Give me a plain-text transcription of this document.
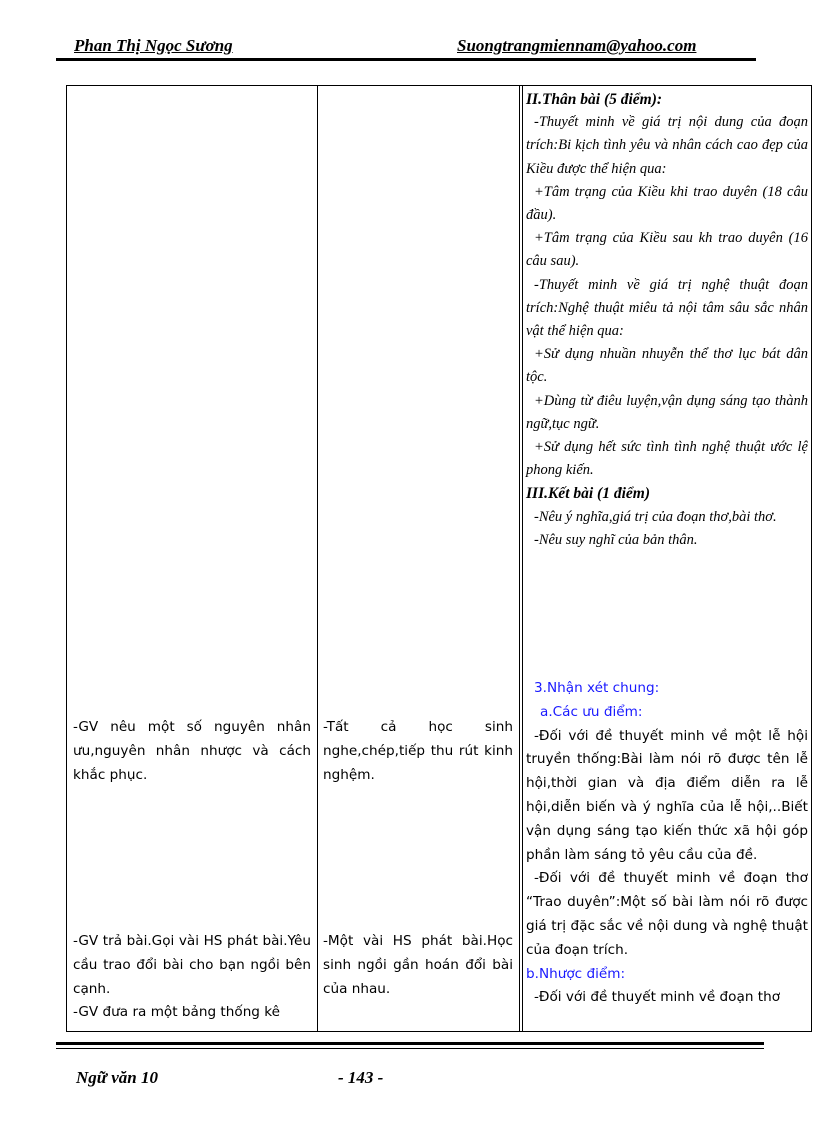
Phan Thị Ngọc Sương	Suongtrangmiennam@yahoo.com

II.Thân bài (5 điểm):

-Thuyết minh về giá trị nội dung của đoạn trích:Bi kịch tình yêu và nhân cách cao đẹp của Kiều được thể hiện qua:

+Tâm trạng của Kiều khi trao duyên (18 câu đầu).

+Tâm trạng của Kiều sau kh trao duyên (16 câu sau).

-Thuyết minh về giá trị nghệ thuật đoạn trích:Nghệ thuật miêu tả nội tâm sâu sắc nhân vật thể hiện qua:

+Sử dụng nhuần nhuyễn thể thơ lục bát dân tộc.

+Dùng từ điêu luyện,vận dụng sáng tạo thành ngữ,tục ngữ.

+Sử dụng hết sức tình tình nghệ thuật ước lệ phong kiến.

III.Kết bài (1 điểm)

-Nêu ý nghĩa,giá trị của đoạn thơ,bài thơ.

-Nêu suy nghĩ của bản thân.

3.Nhận xét chung:

a.Các ưu điểm:

-Đối với đề thuyết minh về một lễ hội truyền thống:Bài làm nói rõ được tên lễ hội,thời gian và địa điểm diễn ra lễ hội,diễn biến và ý nghĩa của lễ hội,..Biết vận dụng sáng tạo kiến thức xã hội góp phần làm sáng tỏ yêu cầu của đề.

-Đối với đề thuyết minh về đoạn thơ “Trao duyên”:Một số bài làm nói rõ được giá trị đặc sắc về nội dung và nghệ thuật của đoạn trích.

b.Nhược điểm:

-Đối với đề thuyết minh về đoạn thơ

-GV nêu một số nguyên nhân ưu,nguyên nhân nhược và cách khắc phục.

-GV trả bài.Gọi vài HS phát bài.Yêu cầu trao đổi bài cho bạn ngồi bên cạnh.

-GV đưa ra một bảng thống kê

-Tất cả học sinh nghe,chép,tiếp thu rút kinh nghệm.

-Một vài HS phát bài.Học sinh ngồi gần hoán đổi bài của nhau.

Ngữ văn 10	- 143 -
